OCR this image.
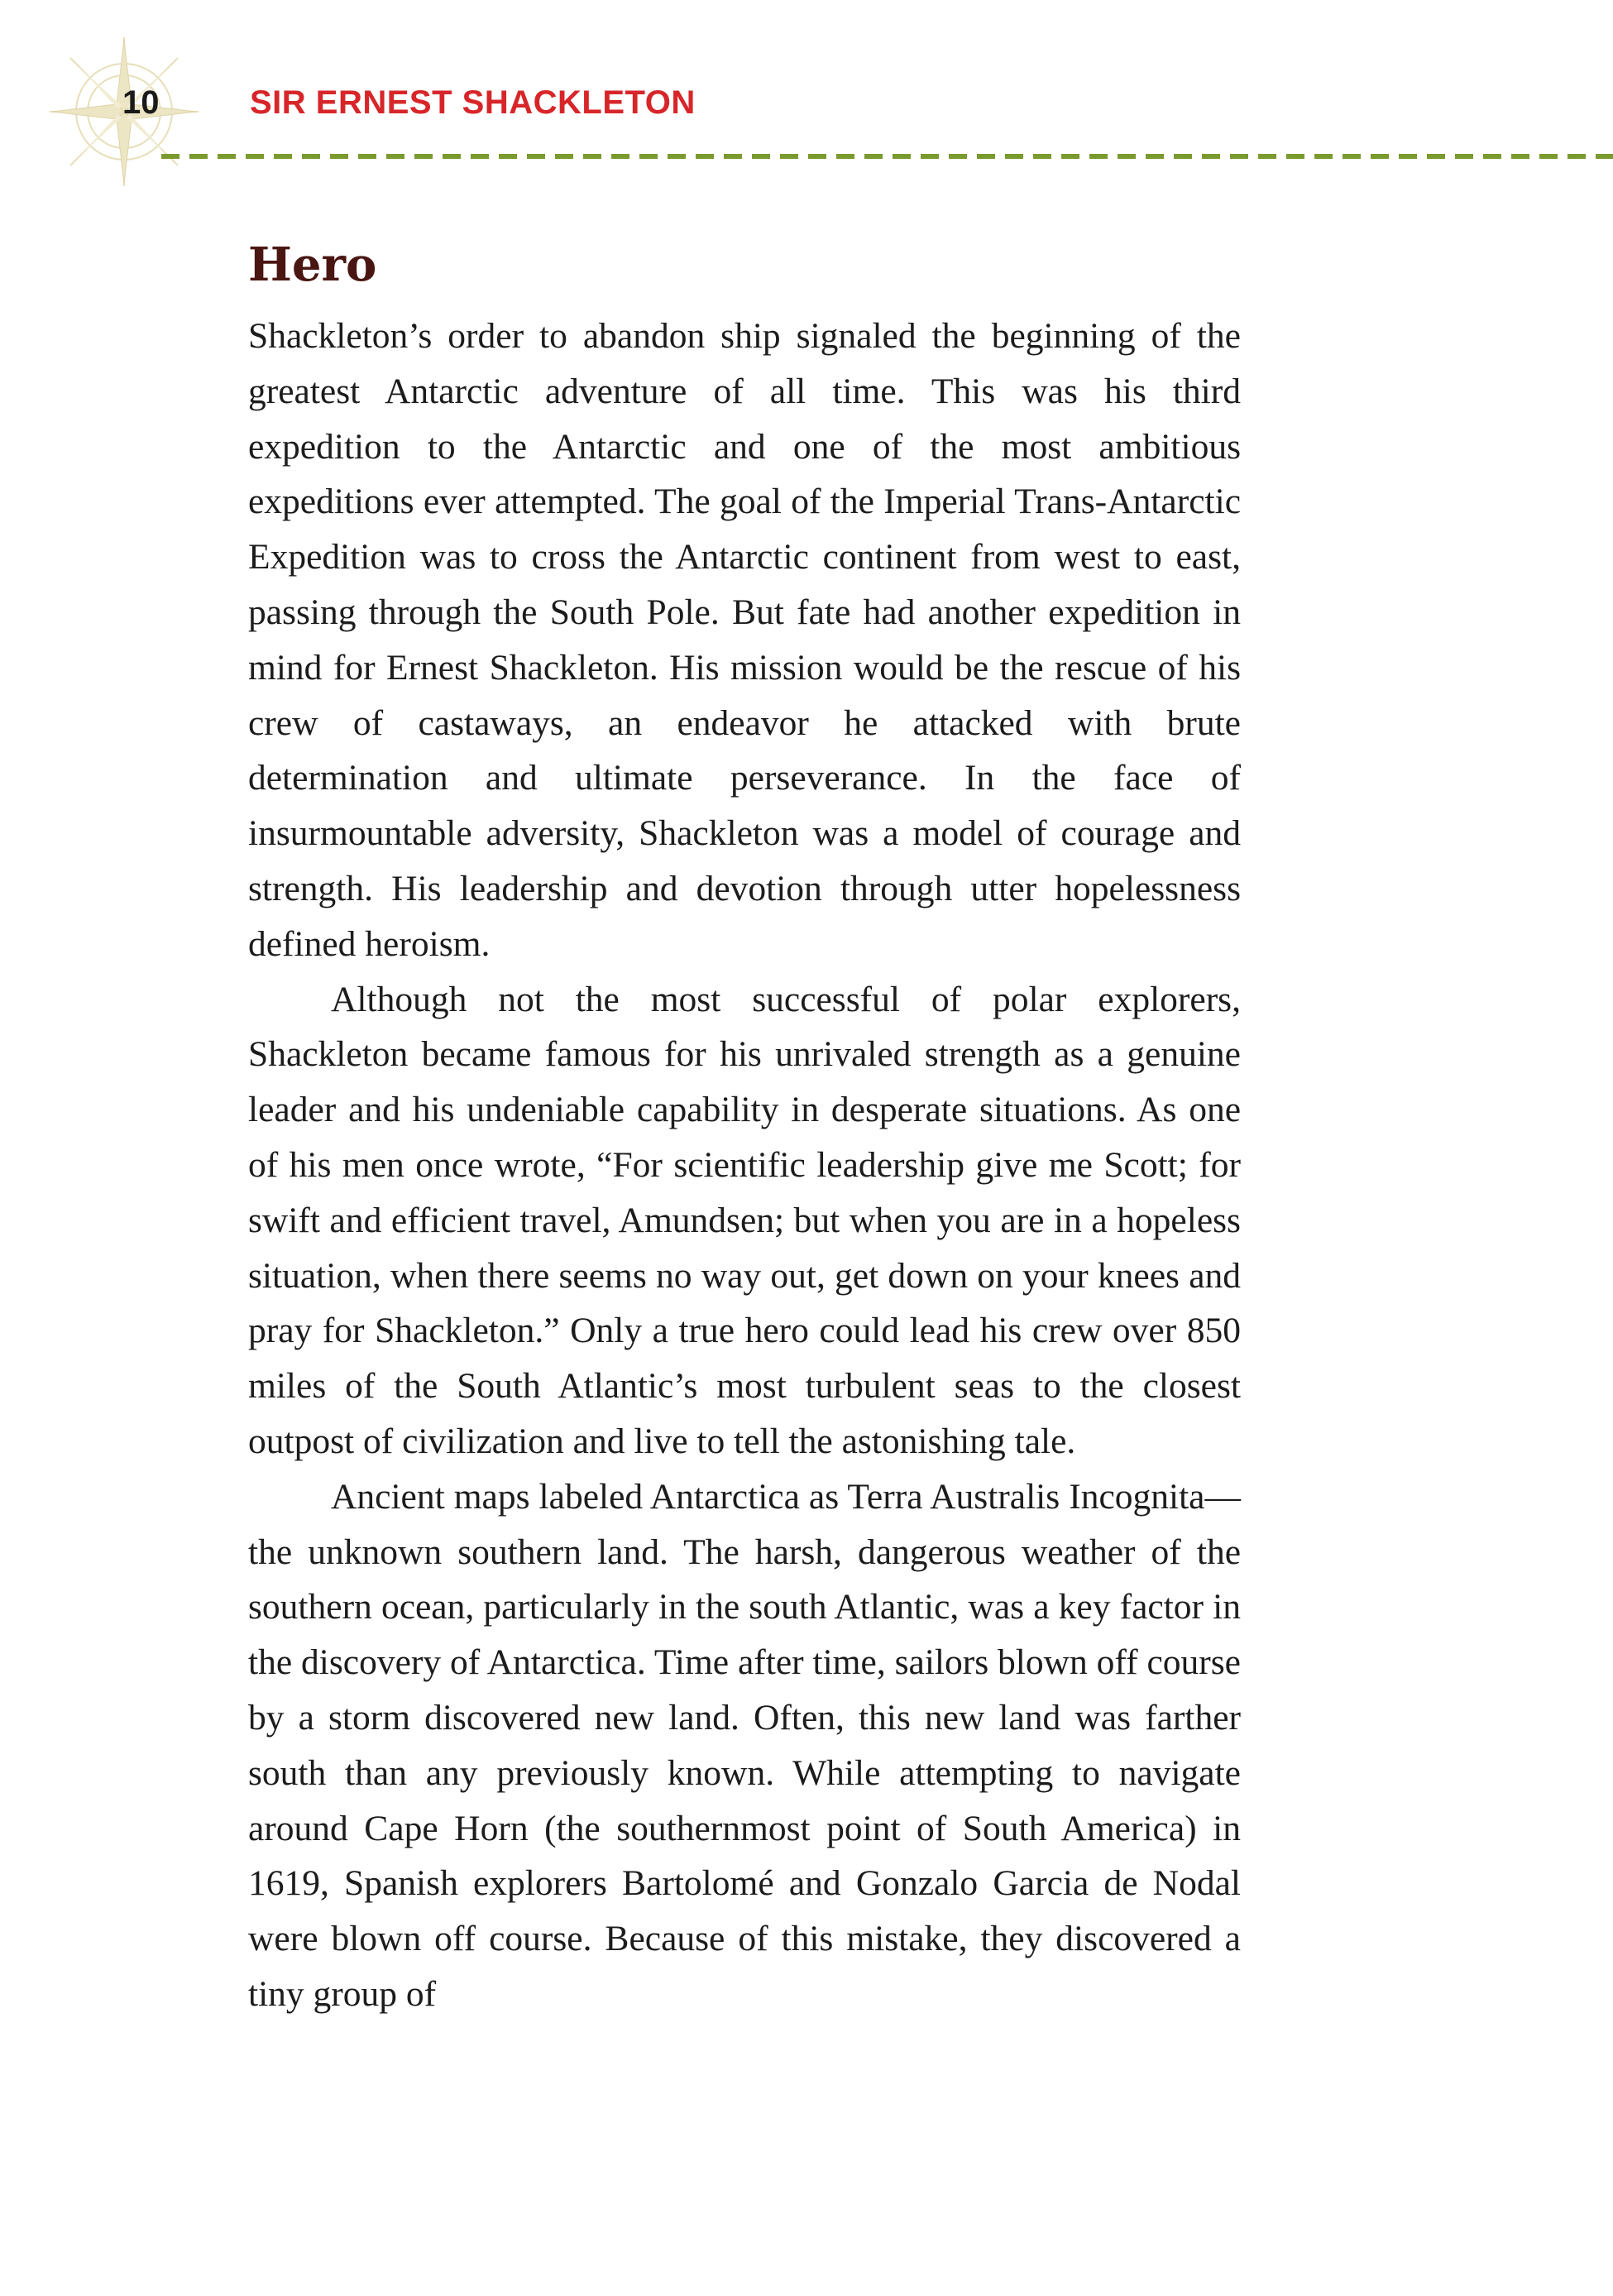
10	SIR ERNEST SHACKLETON
Hero

Shackleton’s order to abandon ship signaled the beginning of the greatest Antarctic adventure of all time. This was his third expedition to the Antarctic and one of the most ambitious expeditions ever attempted. The goal of the Imperial Trans-Antarctic Expedition was to cross the Antarctic continent from west to east, passing through the South Pole. But fate had another expedition in mind for Ernest Shackleton. His mission would be the rescue of his crew of castaways, an endeavor he attacked with brute determination and ultimate perseverance. In the face of insurmountable adversity, Shackleton was a model of courage and strength. His leadership and devotion through utter hopelessness defined heroism.

Although not the most successful of polar explorers, Shackleton became famous for his unrivaled strength as a genuine leader and his undeniable capability in desperate situations. As one of his men once wrote, “For scientific leadership give me Scott; for swift and efficient travel, Amundsen; but when you are in a hopeless situation, when there seems no way out, get down on your knees and pray for Shackleton.” Only a true hero could lead his crew over 850 miles of the South Atlantic’s most turbulent seas to the closest outpost of civilization and live to tell the astonishing tale.

Ancient maps labeled Antarctica as Terra Australis Incognita—the unknown southern land. The harsh, dangerous weather of the southern ocean, particularly in the south Atlantic, was a key factor in the discovery of Antarctica. Time after time, sailors blown off course by a storm discovered new land. Often, this new land was farther south than any previously known. While attempting to navigate around Cape Horn (the southernmost point of South America) in 1619, Spanish explorers Bartolomé and Gonzalo Garcia de Nodal were blown off course. Because of this mistake, they discovered a tiny group of
